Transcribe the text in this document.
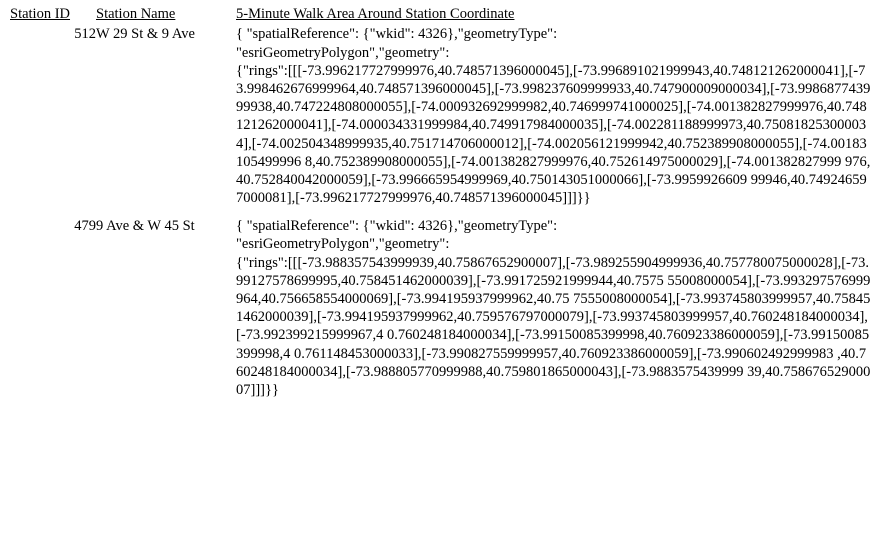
Station ID	Station Name	5-Minute Walk Area Around Station Coordinate
512	W 29 St & 9 Ave	{ "spatialReference": {"wkid": 4326},"geometryType":
"esriGeometryPolygon","geometry":
{"rings":[[[-73.996217727999976,40.748571396000045],[-73.996891021999943,40.748121262000041],[-73.998462676999964,40.748571396000045],[-73.998237609999933,40.747900009000034],[-73.998687743999938,40.747224808000055],[-74.000932692999982,40.746999741000025],[-74.001382827999976,40.748121262000041],[-74.000034331999984,40.749917984000035],[-74.002281188999973,40.750818253000034],[-74.002504348999935,40.751714706000012],[-74.002056121999942,40.752389908000055],[-74.00183105499996 8,40.752389908000055],[-74.001382827999976,40.752614975000029],[-74.001382827999 976,40.752840042000059],[-73.996665954999969,40.750143051000066],[-73.9959926609 99946,40.749246597000081],[-73.996217727999976,40.748571396000045]]]}}

479	9 Ave & W 45 St	{ "spatialReference": {"wkid": 4326},"geometryType":
"esriGeometryPolygon","geometry":
{"rings":[[[-73.988357543999939,40.75867652900007],[-73.989255904999936,40.757780075000028],[-73.99127578699995,40.758451462000039],[-73.991725921999944,40.7575 55008000054],[-73.993297576999964,40.756658554000069],[-73.994195937999962,40.75 7555008000054],[-73.993745803999957,40.758451462000039],[-73.994195937999962,40.759576797000079],[-73.993745803999957,40.760248184000034],[-73.992399215999967,4 0.760248184000034],[-73.99150085399998,40.760923386000059],[-73.99150085399998,4 0.761148453000033],[-73.990827559999957,40.760923386000059],[-73.990602492999983 ,40.760248184000034],[-73.988805770999988,40.759801865000043],[-73.9883575439999 39,40.75867652900007]]]}}
